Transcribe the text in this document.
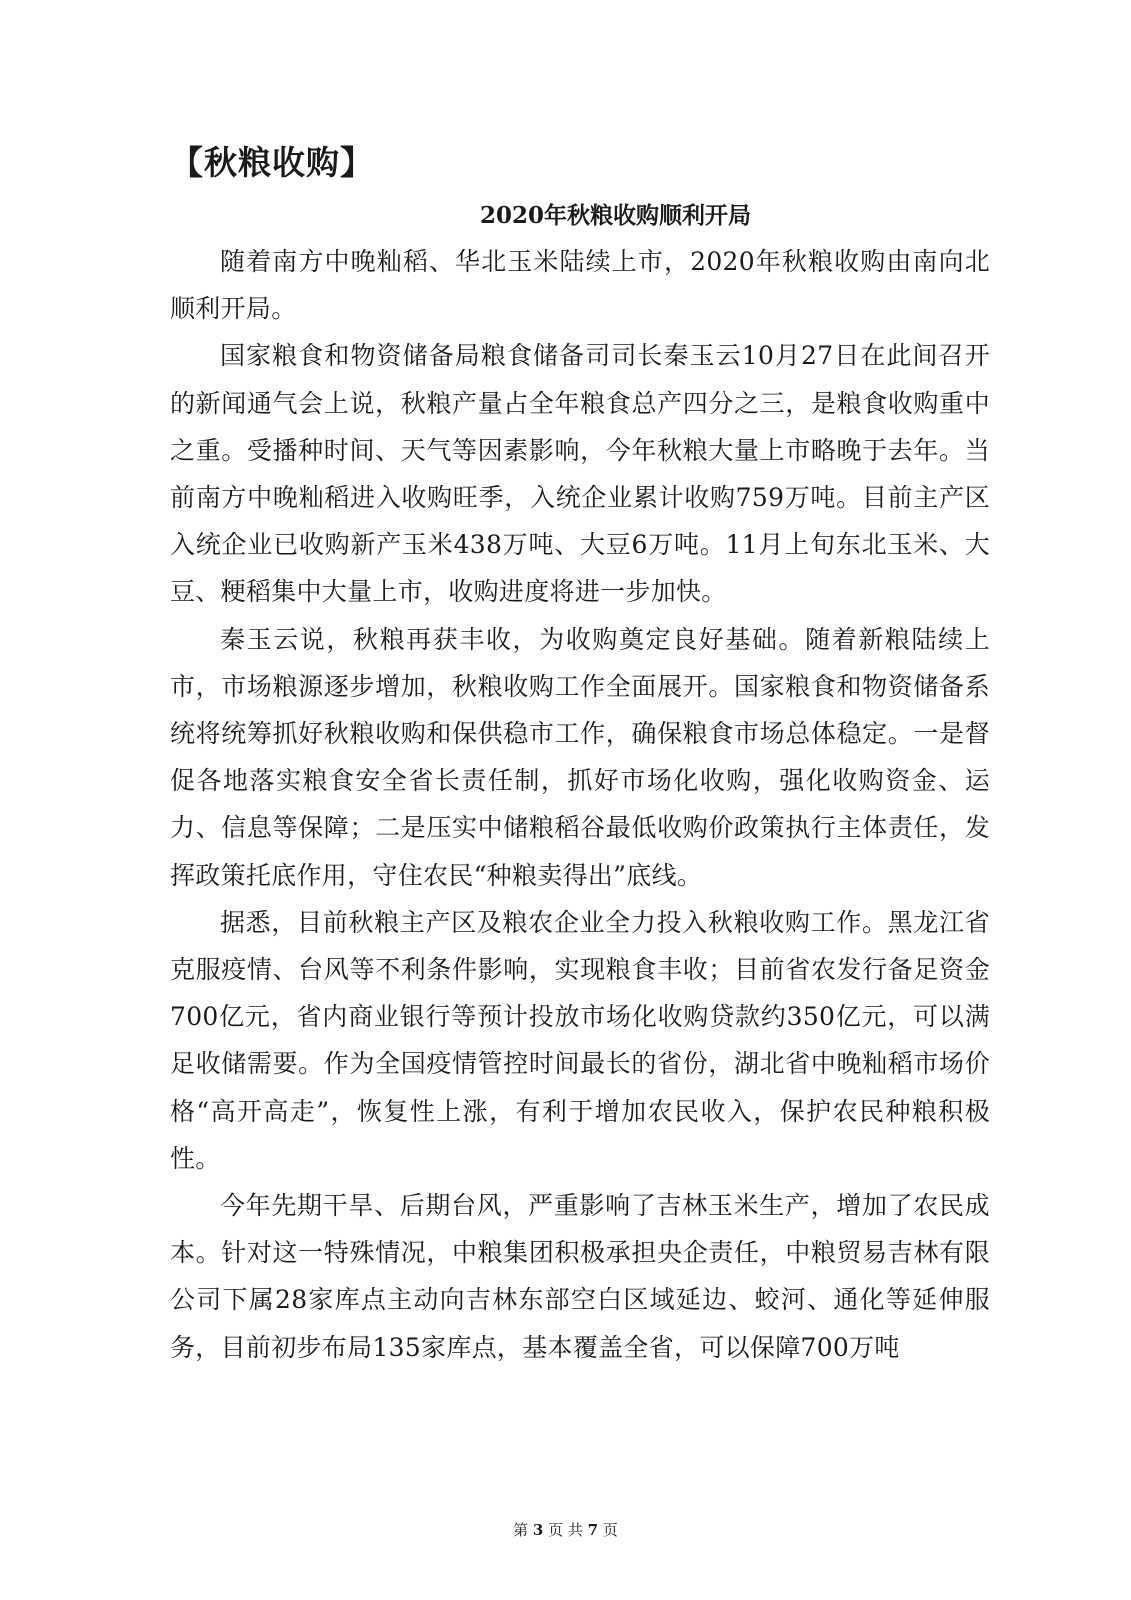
【秋粮收购】
2020年秋粮收购顺利开局

随着南方中晚籼稻、华北玉米陆续上市，2020年秋粮收购由南向北顺利开局。

国家粮食和物资储备局粮食储备司司长秦玉云10月27日在此间召开的新闻通气会上说，秋粮产量占全年粮食总产四分之三，是粮食收购重中之重。受播种时间、天气等因素影响，今年秋粮大量上市略晚于去年。当前南方中晚籼稻进入收购旺季，入统企业累计收购759万吨。目前主产区入统企业已收购新产玉米438万吨、大豆6万吨。11月上旬东北玉米、大豆、粳稻集中大量上市，收购进度将进一步加快。

秦玉云说，秋粮再获丰收，为收购奠定良好基础。随着新粮陆续上市，市场粮源逐步增加，秋粮收购工作全面展开。国家粮食和物资储备系统将统筹抓好秋粮收购和保供稳市工作，确保粮食市场总体稳定。一是督促各地落实粮食安全省长责任制，抓好市场化收购，强化收购资金、运力、信息等保障；二是压实中储粮稻谷最低收购价政策执行主体责任，发挥政策托底作用，守住农民“种粮卖得出”底线。

据悉，目前秋粮主产区及粮农企业全力投入秋粮收购工作。黑龙江省克服疫情、台风等不利条件影响，实现粮食丰收；目前省农发行备足资金700亿元，省内商业银行等预计投放市场化收购贷款约350亿元，可以满足收储需要。作为全国疫情管控时间最长的省份，湖北省中晚籼稻市场价格“高开高走”，恢复性上涨，有利于增加农民收入，保护农民种粮积极性。

今年先期干旱、后期台风，严重影响了吉林玉米生产，增加了农民成本。针对这一特殊情况，中粮集团积极承担央企责任，中粮贸易吉林有限公司下属28家库点主动向吉林东部空白区域延边、蛟河、通化等延伸服务，目前初步布局135家库点，基本覆盖全省，可以保障700万吨

第 3 页 共 7 页
